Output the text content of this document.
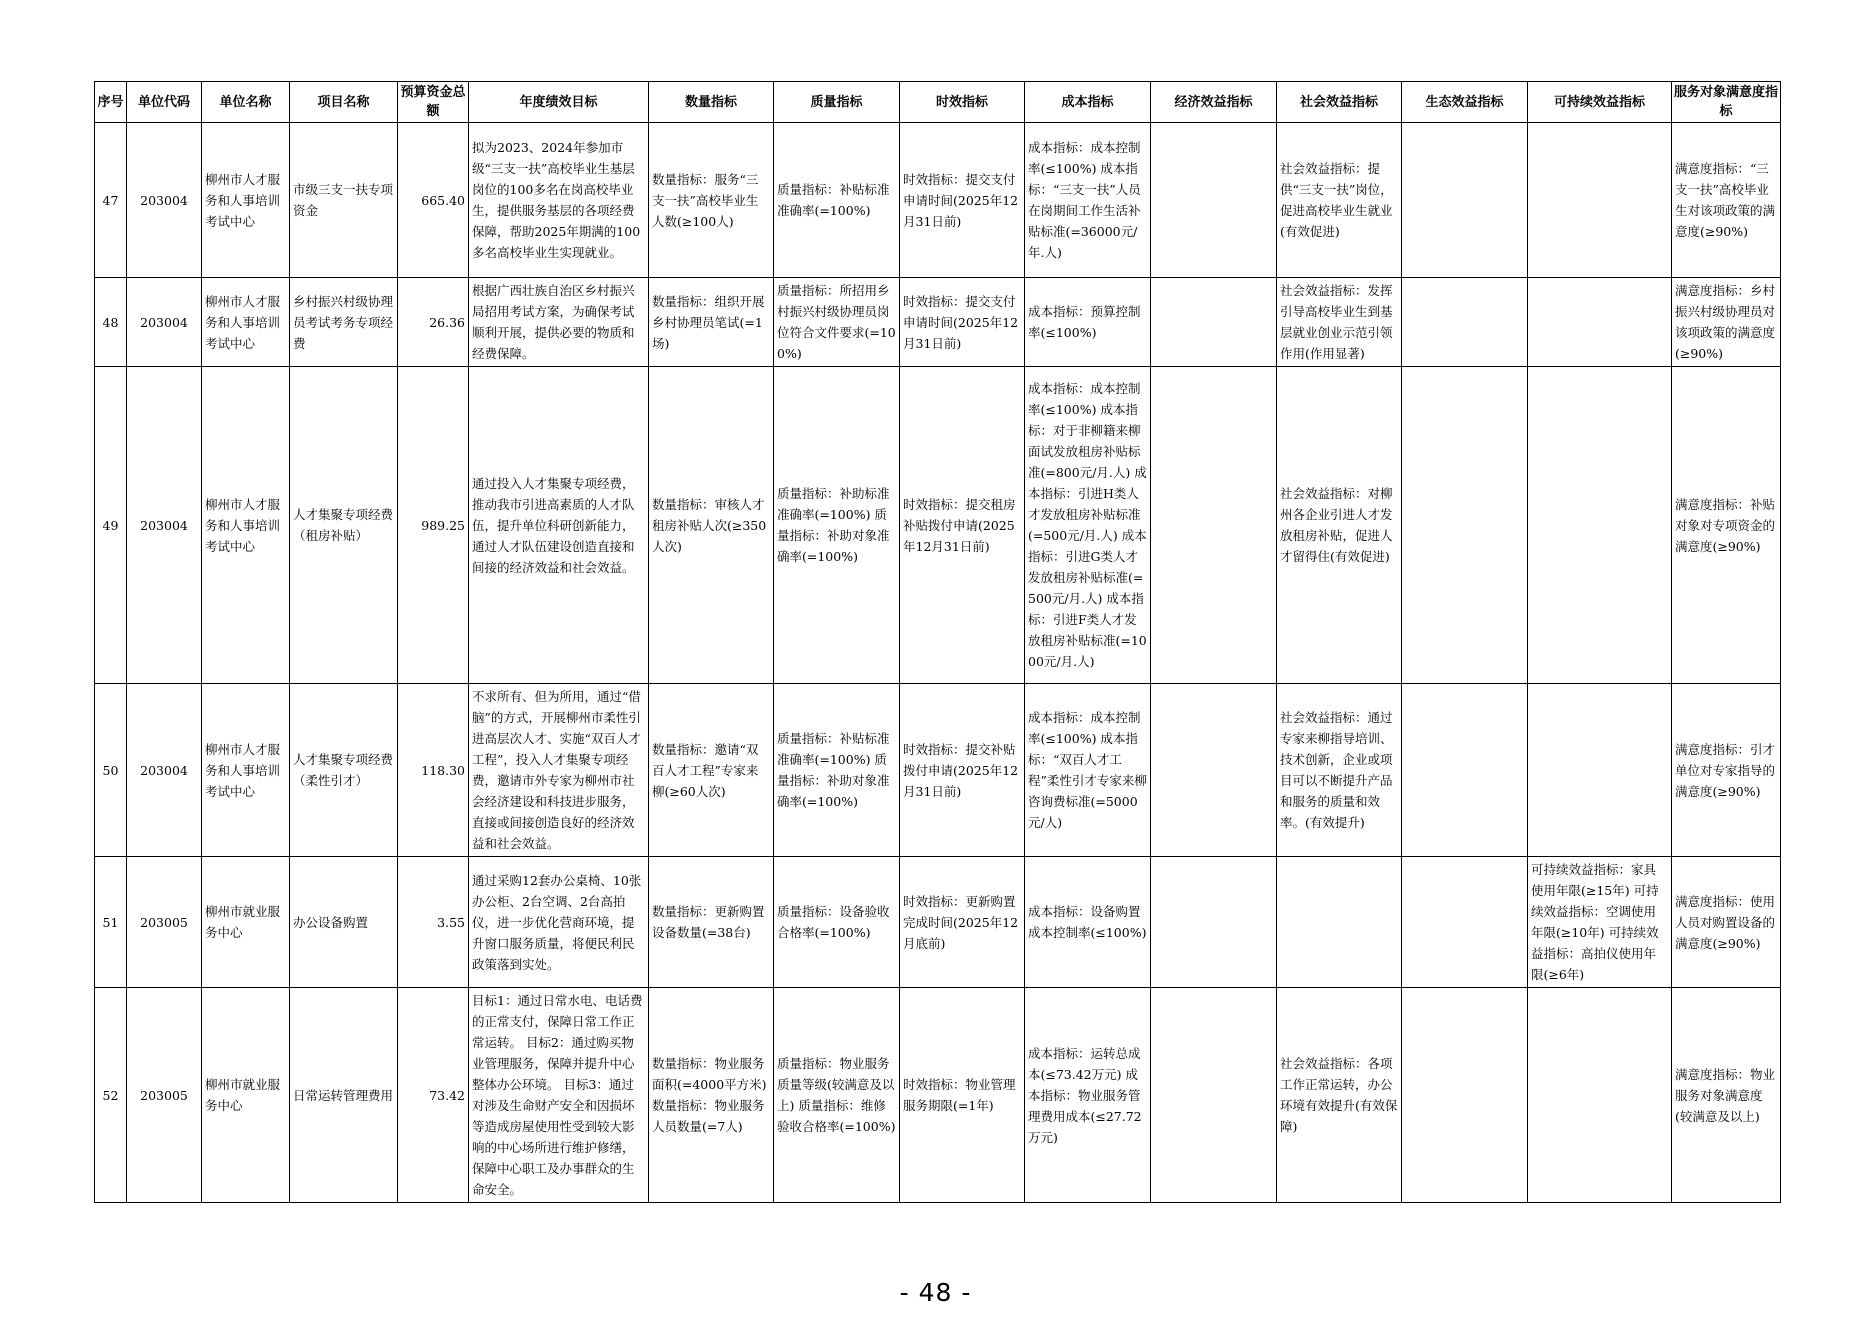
序号	单位代码	单位名称	项目名称	预算资金总额	年度绩效目标	数量指标	质量指标	时效指标	成本指标	经济效益指标	社会效益指标	生态效益指标	可持续效益指标	服务对象满意度指标
47	203004	柳州市人才服务和人事培训考试中心	市级三支一扶专项资金	665.40	拟为2023、2024年参加市级“三支一扶”高校毕业生基层岗位的100多名在岗高校毕业生，提供服务基层的各项经费保障，帮助2025年期满的100多名高校毕业生实现就业。	数量指标：服务“三支一扶”高校毕业生人数(≥100人)	质量指标：补贴标准准确率(=100%)	时效指标：提交支付申请时间(2025年12月31日前)	成本指标：成本控制率(≤100%) 成本指标：“三支一扶”人员在岗期间工作生活补贴标准(=36000元/年.人)		社会效益指标：提供“三支一扶”岗位，促进高校毕业生就业(有效促进)			满意度指标：“三支一扶”高校毕业生对该项政策的满意度(≥90%)
48	203004	柳州市人才服务和人事培训考试中心	乡村振兴村级协理员考试考务专项经费	26.36	根据广西壮族自治区乡村振兴局招用考试方案，为确保考试顺利开展，提供必要的物质和经费保障。	数量指标：组织开展乡村协理员笔试(=1场)	质量指标：所招用乡村振兴村级协理员岗位符合文件要求(=100%)	时效指标：提交支付申请时间(2025年12月31日前)	成本指标：预算控制率(≤100%)		社会效益指标：发挥引导高校毕业生到基层就业创业示范引领作用(作用显著)			满意度指标：乡村振兴村级协理员对该项政策的满意度(≥90%)
49	203004	柳州市人才服务和人事培训考试中心	人才集聚专项经费（租房补贴）	989.25	通过投入人才集聚专项经费，推动我市引进高素质的人才队伍，提升单位科研创新能力，通过人才队伍建设创造直接和间接的经济效益和社会效益。	数量指标：审核人才租房补贴人次(≥350人次)	质量指标：补助标准准确率(=100%) 质量指标：补助对象准确率(=100%)	时效指标：提交租房补贴拨付申请(2025年12月31日前)	成本指标：成本控制率(≤100%) 成本指标：对于非柳籍来柳面试发放租房补贴标准(=800元/月.人) 成本指标：引进H类人才发放租房补贴标准(=500元/月.人) 成本指标：引进G类人才发放租房补贴标准(=500元/月.人) 成本指标：引进F类人才发放租房补贴标准(=1000元/月.人)		社会效益指标：对柳州各企业引进人才发放租房补贴，促进人才留得住(有效促进)			满意度指标：补贴对象对专项资金的满意度(≥90%)
50	203004	柳州市人才服务和人事培训考试中心	人才集聚专项经费（柔性引才）	118.30	不求所有、但为所用，通过“借脑”的方式，开展柳州市柔性引进高层次人才、实施“双百人才工程”，投入人才集聚专项经费，邀请市外专家为柳州市社会经济建设和科技进步服务，直接或间接创造良好的经济效益和社会效益。	数量指标：邀请“双百人才工程”专家来柳(≥60人次)	质量指标：补贴标准准确率(=100%) 质量指标：补助对象准确率(=100%)	时效指标：提交补贴拨付申请(2025年12月31日前)	成本指标：成本控制率(≤100%) 成本指标：“双百人才工程”柔性引才专家来柳咨询费标准(=5000元/人)		社会效益指标：通过专家来柳指导培训、技术创新，企业或项目可以不断提升产品和服务的质量和效率。(有效提升)			满意度指标：引才单位对专家指导的满意度(≥90%)
51	203005	柳州市就业服务中心	办公设备购置	3.55	通过采购12套办公桌椅、10张办公柜、2台空调、2台高拍仪，进一步优化营商环境，提升窗口服务质量，将便民利民政策落到实处。	数量指标：更新购置设备数量(=38台)	质量指标：设备验收合格率(=100%)	时效指标：更新购置完成时间(2025年12月底前)	成本指标：设备购置成本控制率(≤100%)				可持续效益指标：家具使用年限(≥15年) 可持续效益指标：空调使用年限(≥10年) 可持续效益指标：高拍仪使用年限(≥6年)	满意度指标：使用人员对购置设备的满意度(≥90%)
52	203005	柳州市就业服务中心	日常运转管理费用	73.42	目标1：通过日常水电、电话费的正常支付，保障日常工作正常运转。 目标2：通过购买物业管理服务，保障并提升中心整体办公环境。 目标3：通过对涉及生命财产安全和因损坏等造成房屋使用性受到较大影响的中心场所进行维护修缮，保障中心职工及办事群众的生命安全。	数量指标：物业服务面积(=4000平方米) 数量指标：物业服务人员数量(=7人)	质量指标：物业服务质量等级(较满意及以上) 质量指标：维修验收合格率(=100%)	时效指标：物业管理服务期限(=1年)	成本指标：运转总成本(≤73.42万元) 成本指标：物业服务管理费用成本(≤27.72万元)		社会效益指标：各项工作正常运转，办公环境有效提升(有效保障)			满意度指标：物业服务对象满意度(较满意及以上)
- 48 -
